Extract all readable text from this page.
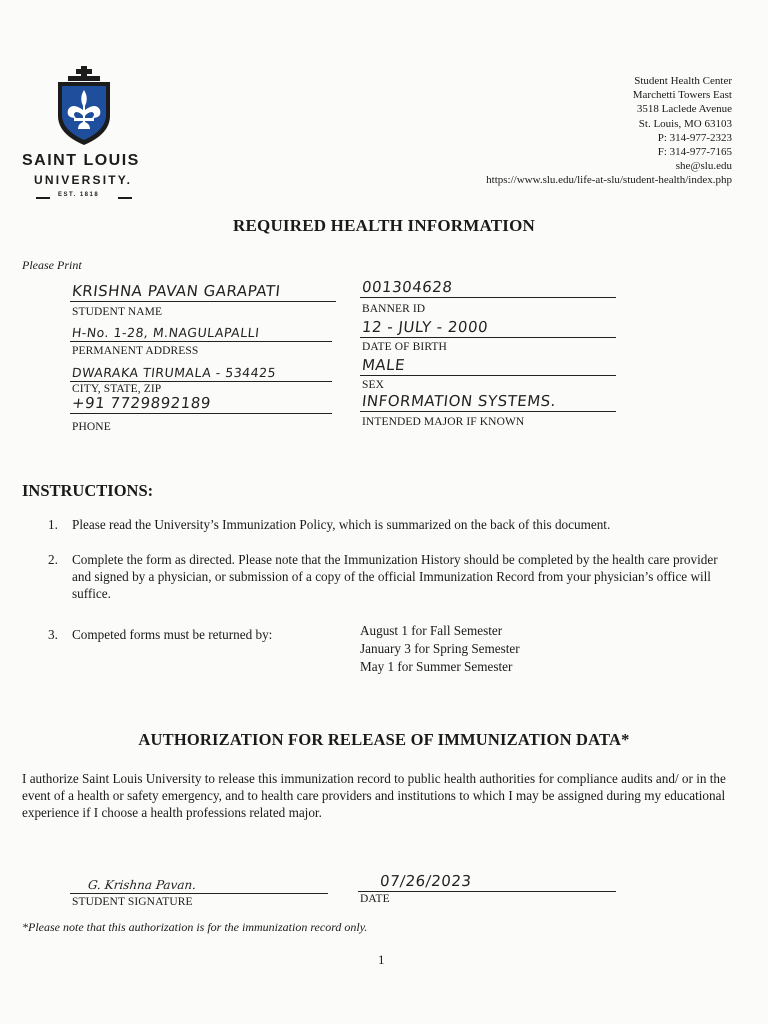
SAINT LOUIS
UNIVERSITY.
EST. 1818
Student Health Center
Marchetti Towers East
3518 Laclede Avenue
St. Louis, MO 63103
P: 314-977-2323
F: 314-977-7165
she@slu.edu
https://www.slu.edu/life-at-slu/student-health/index.php
REQUIRED HEALTH INFORMATION
Please Print
KRISHNA PAVAN GARAPATI
STUDENT NAME
H-No. 1-28, M.NAGULAPALLI
PERMANENT ADDRESS
DWARAKA TIRUMALA - 534425
CITY, STATE, ZIP
+91 7729892189
PHONE
001304628
BANNER ID
12 - JULY - 2000
DATE OF BIRTH
MALE
SEX
INFORMATION SYSTEMS.
INTENDED MAJOR IF KNOWN
INSTRUCTIONS:
1. Please read the University’s Immunization Policy, which is summarized on the back of this document.
2. Complete the form as directed. Please note that the Immunization History should be completed by the health care provider and signed by a physician, or submission of a copy of the official Immunization Record from your physician’s office will suffice.
3. Competed forms must be returned by:	August 1 for Fall Semester
January 3 for Spring Semester
May 1 for Summer Semester
AUTHORIZATION FOR RELEASE OF IMMUNIZATION DATA*
I authorize Saint Louis University to release this immunization record to public health authorities for compliance audits and/ or in the event of a health or safety emergency, and to health care providers and institutions to which I may be assigned during my educational experience if I choose a health professions related major.
G. Krishna Pavan.
STUDENT SIGNATURE
07/26/2023
DATE
*Please note that this authorization is for the immunization record only.
1
